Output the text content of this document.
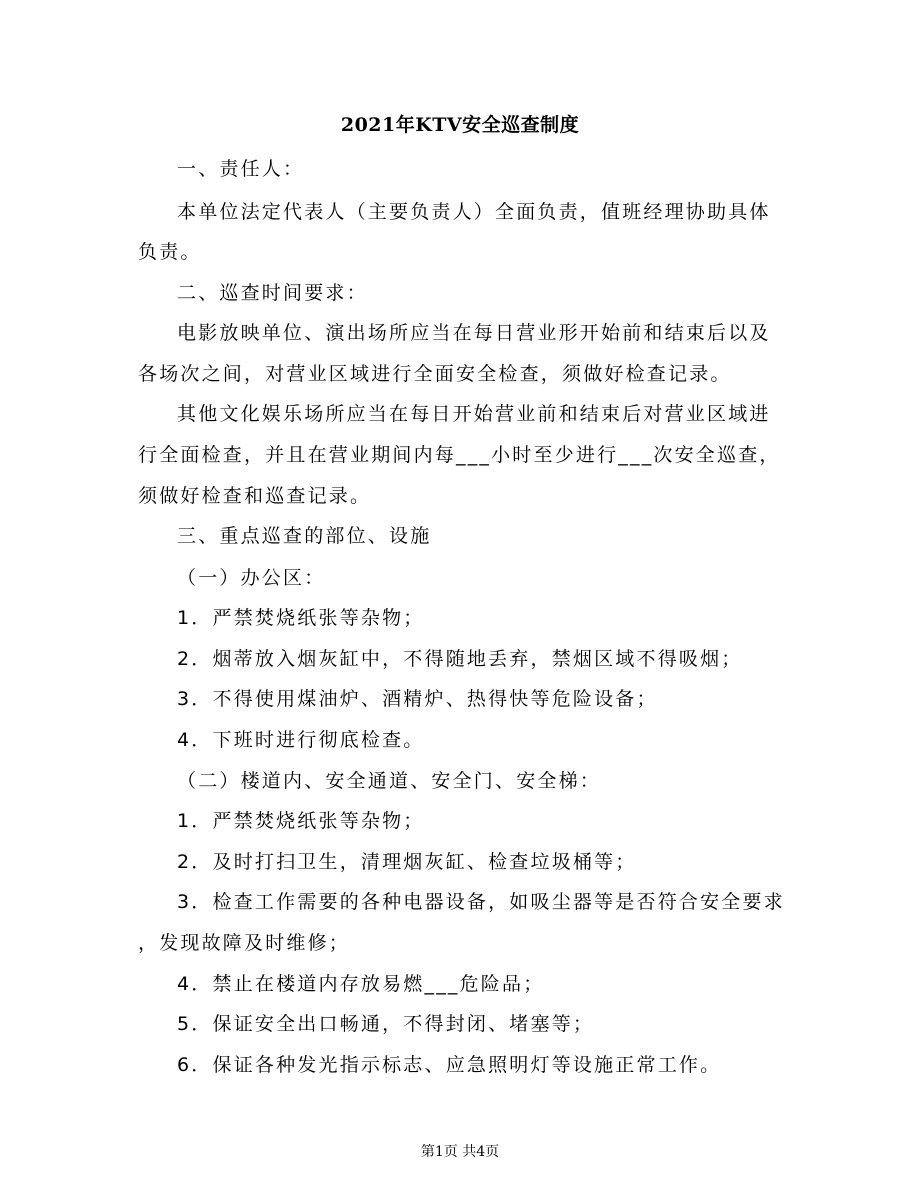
2021年KTV安全巡查制度
一、责任人：
本单位法定代表人（主要负责人）全面负责，值班经理协助具体
负责。
二、巡查时间要求：
电影放映单位、演出场所应当在每日营业形开始前和结束后以及
各场次之间，对营业区域进行全面安全检查，须做好检查记录。
其他文化娱乐场所应当在每日开始营业前和结束后对营业区域进
行全面检查，并且在营业期间内每___小时至少进行___次安全巡查，
须做好检查和巡查记录。
三、重点巡查的部位、设施
（一）办公区：
1．严禁焚烧纸张等杂物；
2．烟蒂放入烟灰缸中，不得随地丢弃，禁烟区域不得吸烟；
3．不得使用煤油炉、酒精炉、热得快等危险设备；
4．下班时进行彻底检查。
（二）楼道内、安全通道、安全门、安全梯：
1．严禁焚烧纸张等杂物；
2．及时打扫卫生，清理烟灰缸、检查垃圾桶等；
3．检查工作需要的各种电器设备，如吸尘器等是否符合安全要求
，发现故障及时维修；
4．禁止在楼道内存放易燃___危险品；
5．保证安全出口畅通，不得封闭、堵塞等；
6．保证各种发光指示标志、应急照明灯等设施正常工作。
第1页 共4页
